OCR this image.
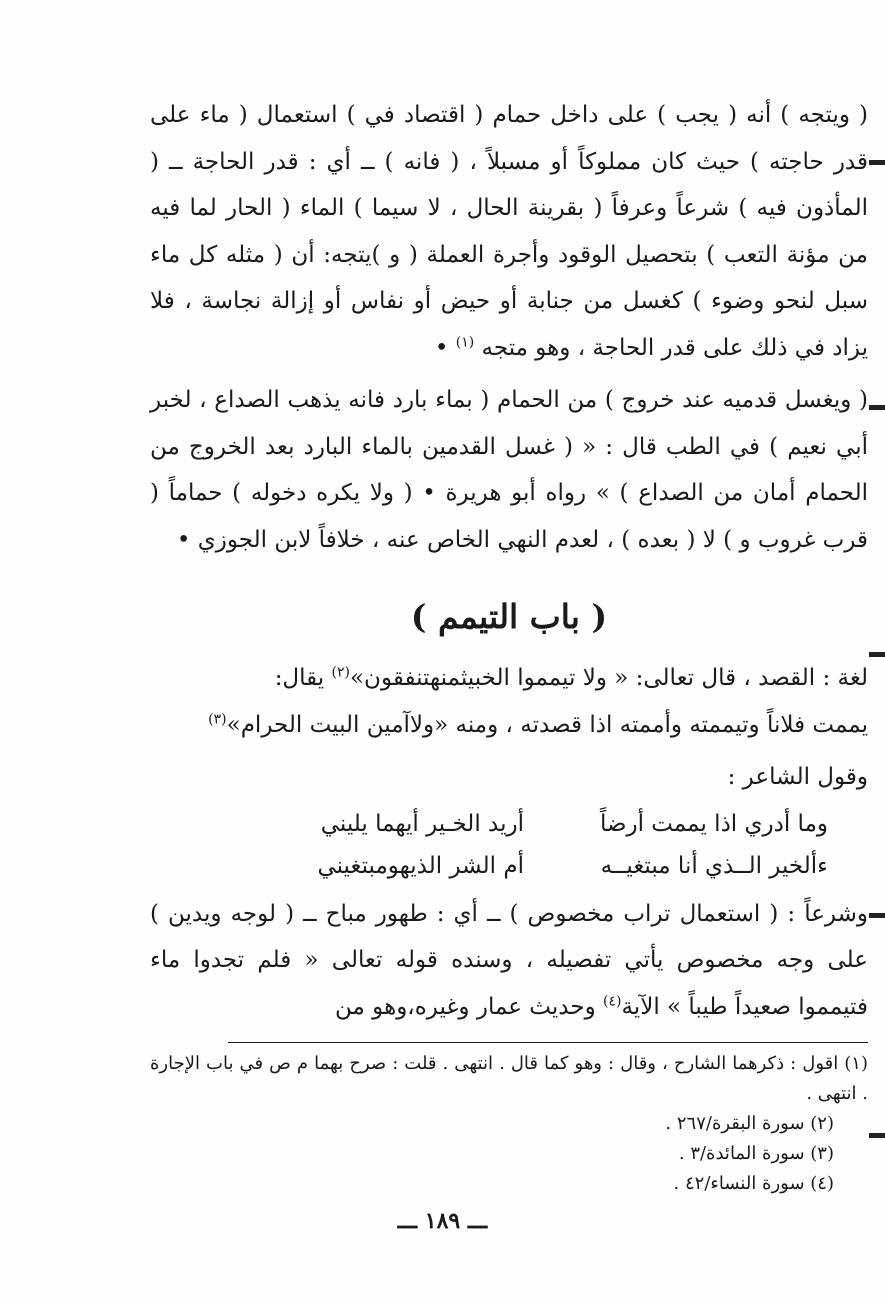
( ويتجه ) أنه ( يجب ) على داخل حمام ( اقتصاد في ) استعمال ( ماء على قدر حاجته ) حيث كان مملوكاً أو مسبلاً ، ( فانه ) ــ أي : قدر الحاجة ــ ( المأذون فيه ) شرعاً وعرفاً ( بقرينة الحال ، لا سيما ) الماء ( الحار لما فيه من مؤنة التعب ) بتحصيل الوقود وأجرة العملة ( و )يتجه: أن ( مثله كل ماء سبل لنحو وضوء ) كغسل من جنابة أو حيض أو نفاس أو إزالة نجاسة ، فلا يزاد في ذلك على قدر الحاجة ، وهو متجه $^{(١)}$ •

( ويغسل قدميه عند خروج ) من الحمام ( بماء بارد فانه يذهب الصداع ، لخبر أبي نعيم ) في الطب قال : « ( غسل القدمين بالماء البارد بعد الخروج من الحمام أمان من الصداع ) » رواه أبو هريرة • ( ولا يكره دخوله ) حماماً ( قرب غروب و ) لا ( بعده ) ، لعدم النهي الخاص عنه ، خلافاً لابن الجوزي •

( باب التيمم )

لغة : القصد ، قال تعالى: « ولا تيمموا الخبيثمنهتنفقون»$^{(٢)}$ يقال:
يممت فلاناً وتيممته وأممته اذا قصدته ، ومنه «ولاآمين البيت الحرام»$^{(٣)}$

وقول الشاعر :

وما أدري اذا يممت أرضاً
أريد الخـير أيهما يليني
ءألخير الــذي أنا مبتغيــه
أم الشر الذيهومبتغيني

وشرعاً : ( استعمال تراب مخصوص ) ــ أي : طهور مباح ــ ( لوجه ويدين ) على وجه مخصوص يأتي تفصيله ، وسنده قوله تعالى « فلم تجدوا ماء فتيمموا صعيداً طيباً » الآية$^{(٤)}$ وحديث عمار وغيره،وهو من

(١) اقول : ذكرهما الشارح ، وقال : وهو كما قال . انتهى . قلت : صرح بهما م ص في باب الإجارة . انتهى .

(٢) سورة البقرة/٢٦٧ .

(٣) سورة المائدة/٣ .

(٤) سورة النساء/٤٢ .

ـــ ١٨٩ ـــ
